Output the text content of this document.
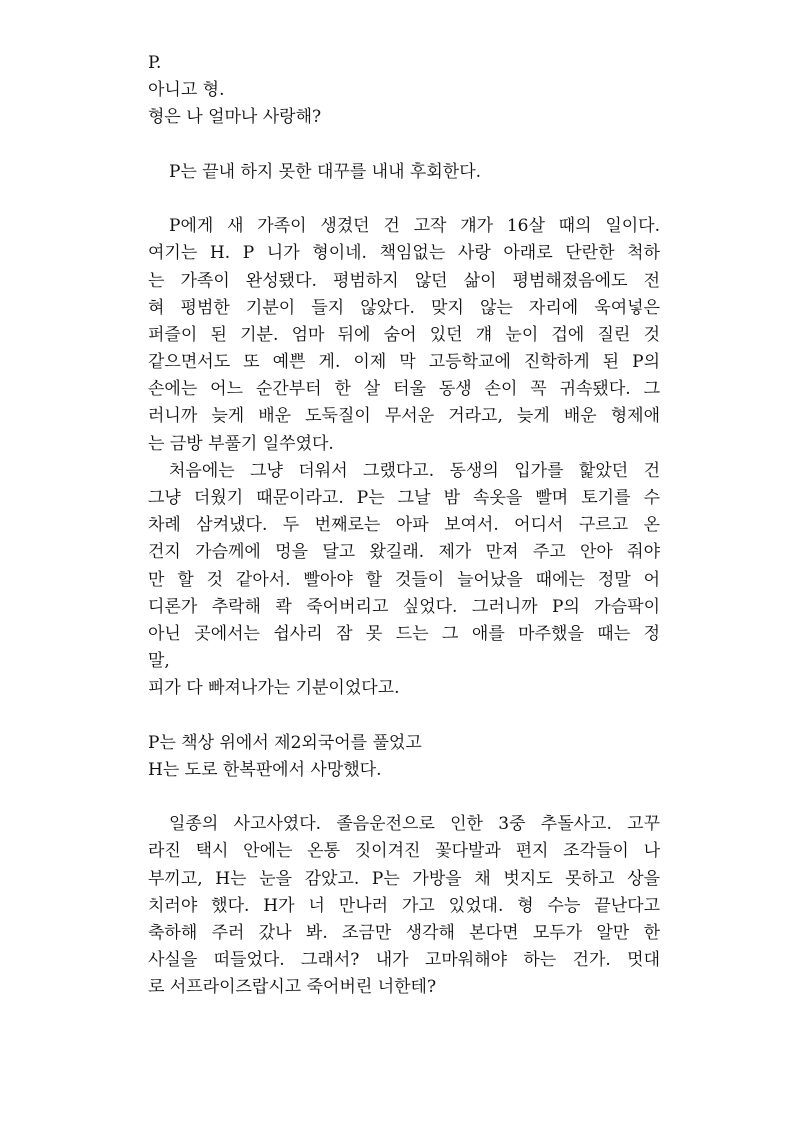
P.
아니고 형.
형은 나 얼마나 사랑해?
P는 끝내 하지 못한 대꾸를 내내 후회한다.
P에게 새 가족이 생겼던 건 고작 걔가 16살 때의 일이다.
여기는 H. P 니가 형이네. 책임없는 사랑 아래로 단란한 척하
는 가족이 완성됐다. 평범하지 않던 삶이 평범해졌음에도 전
혀 평범한 기분이 들지 않았다. 맞지 않는 자리에 욱여넣은
퍼즐이 된 기분. 엄마 뒤에 숨어 있던 걔 눈이 겁에 질린 것
같으면서도 또 예쁜 게. 이제 막 고등학교에 진학하게 된 P의
손에는 어느 순간부터 한 살 터울 동생 손이 꼭 귀속됐다. 그
러니까 늦게 배운 도둑질이 무서운 거라고, 늦게 배운 형제애
는 금방 부풀기 일쑤였다.
처음에는 그냥 더워서 그랬다고. 동생의 입가를 핥았던 건
그냥 더웠기 때문이라고. P는 그날 밤 속옷을 빨며 토기를 수
차례 삼켜냈다. 두 번째로는 아파 보여서. 어디서 구르고 온
건지 가슴께에 멍을 달고 왔길래. 제가 만져 주고 안아 줘야
만 할 것 같아서. 빨아야 할 것들이 늘어났을 때에는 정말 어
디론가 추락해 콱 죽어버리고 싶었다. 그러니까 P의 가슴팍이
아닌 곳에서는 쉽사리 잠 못 드는 그 애를 마주했을 때는 정
말,
피가 다 빠져나가는 기분이었다고.
P는 책상 위에서 제2외국어를 풀었고
H는 도로 한복판에서 사망했다.
일종의 사고사였다. 졸음운전으로 인한 3중 추돌사고. 고꾸
라진 택시 안에는 온통 짓이겨진 꽃다발과 편지 조각들이 나
부끼고, H는 눈을 감았고. P는 가방을 채 벗지도 못하고 상을
치러야 했다. H가 너 만나러 가고 있었대. 형 수능 끝난다고
축하해 주러 갔나 봐. 조금만 생각해 본다면 모두가 알만 한
사실을 떠들었다. 그래서? 내가 고마워해야 하는 건가. 멋대
로 서프라이즈랍시고 죽어버린 너한테?
